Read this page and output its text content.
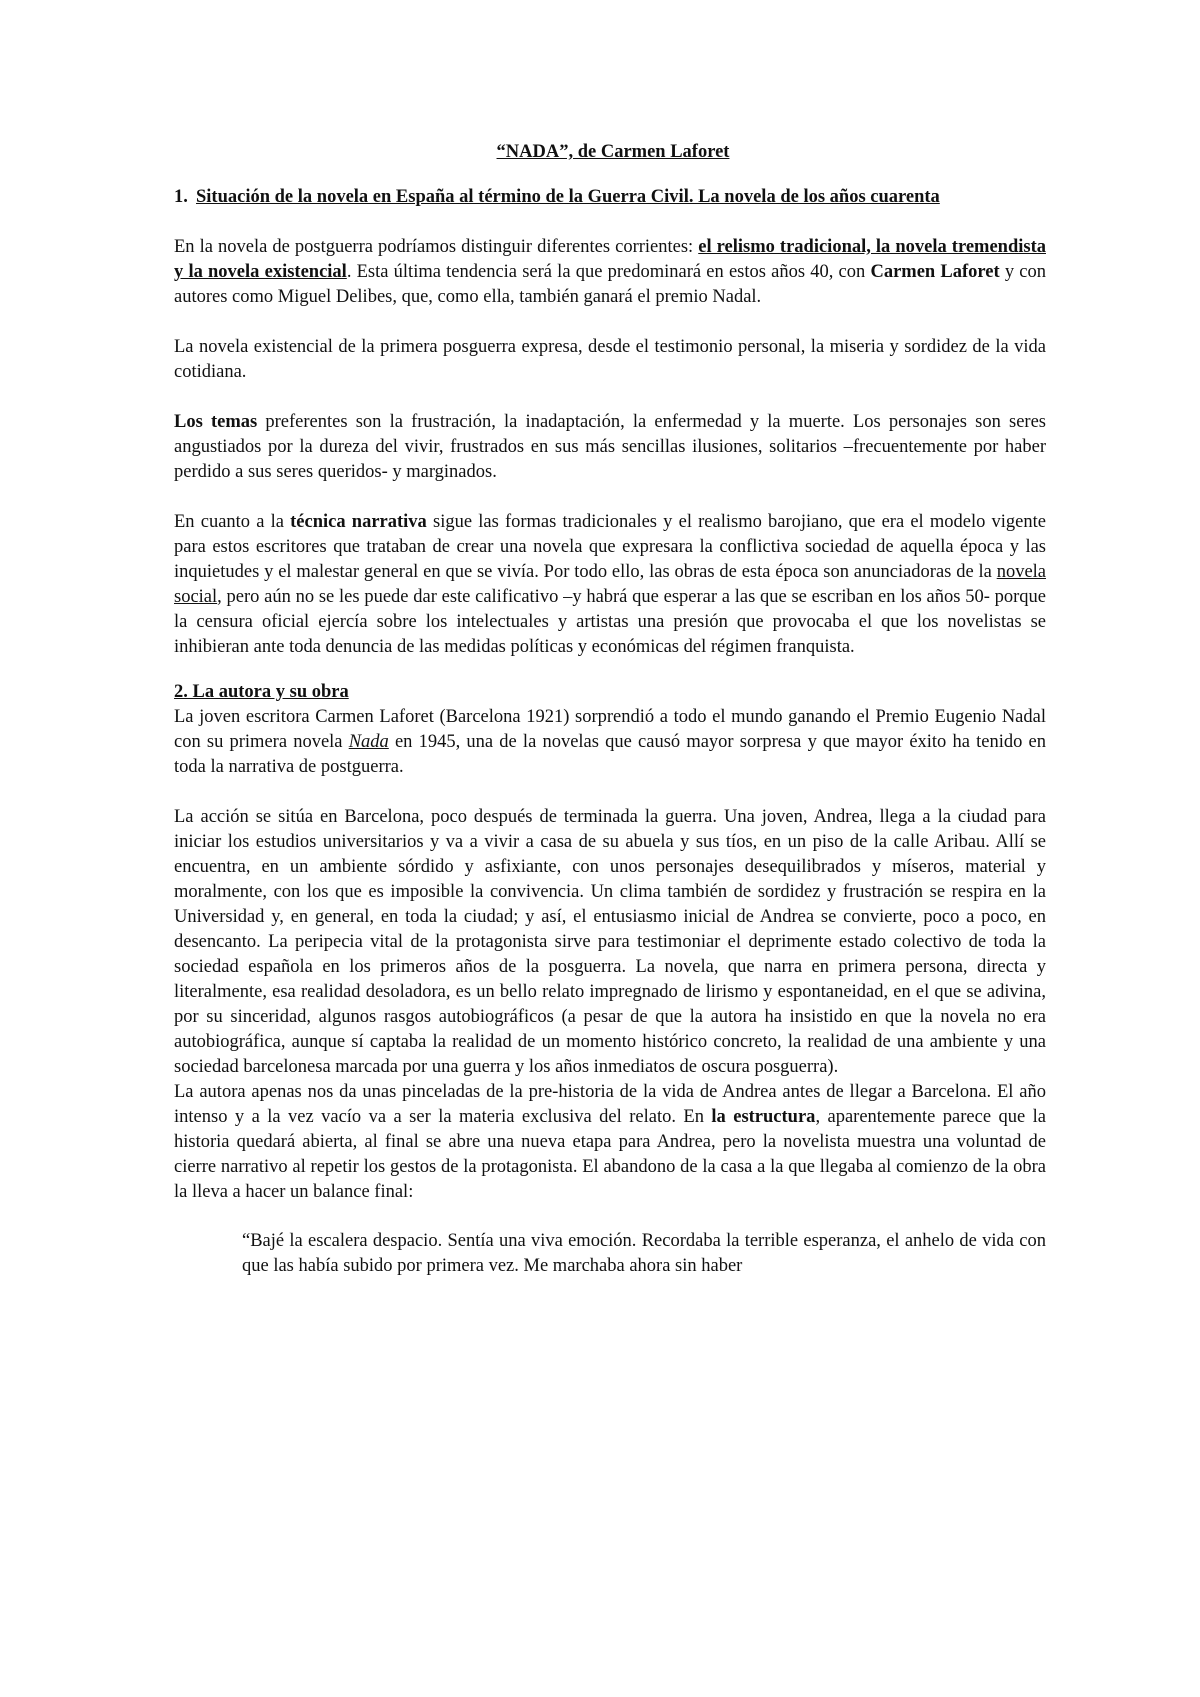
“NADA”, de Carmen Laforet

1. Situación de la novela en España al término de la Guerra Civil. La novela de los años cuarenta

En la novela de postguerra podríamos distinguir diferentes corrientes: el relismo tradicional, la novela tremendista y la novela existencial. Esta última tendencia será la que predominará en estos años 40, con Carmen Laforet y con autores como Miguel Delibes, que, como ella, también ganará el premio Nadal.

La novela existencial de la primera posguerra expresa, desde el testimonio personal, la miseria y sordidez de la vida cotidiana.

Los temas preferentes son la frustración, la inadaptación, la enfermedad y la muerte. Los personajes son seres angustiados por la dureza del vivir, frustrados en sus más sencillas ilusiones, solitarios –frecuentemente por haber perdido a sus seres queridos- y marginados.

En cuanto a la técnica narrativa sigue las formas tradicionales y el realismo barojiano, que era el modelo vigente para estos escritores que trataban de crear una novela que expresara la conflictiva sociedad de aquella época y las inquietudes y el malestar general en que se vivía. Por todo ello, las obras de esta época son anunciadoras de la novela social, pero aún no se les puede dar este calificativo –y habrá que esperar a las que se escriban en los años 50- porque la censura oficial ejercía sobre los intelectuales y artistas una presión que provocaba el que los novelistas se inhibieran ante toda denuncia de las medidas políticas y económicas del régimen franquista.

2. La autora y su obra

La joven escritora Carmen Laforet (Barcelona 1921) sorprendió a todo el mundo ganando el Premio Eugenio Nadal con su primera novela Nada en 1945, una de la novelas que causó mayor sorpresa y que mayor éxito ha tenido en toda la narrativa de postguerra.

La acción se sitúa en Barcelona, poco después de terminada la guerra. Una joven, Andrea, llega a la ciudad para iniciar los estudios universitarios y va a vivir a casa de su abuela y sus tíos, en un piso de la calle Aribau. Allí se encuentra, en un ambiente sórdido y asfixiante, con unos personajes desequilibrados y míseros, material y moralmente, con los que es imposible la convivencia. Un clima también de sordidez y frustración se respira en la Universidad y, en general, en toda la ciudad; y así, el entusiasmo inicial de Andrea se convierte, poco a poco, en desencanto. La peripecia vital de la protagonista sirve para testimoniar el deprimente estado colectivo de toda la sociedad española en los primeros años de la posguerra. La novela, que narra en primera persona, directa y literalmente, esa realidad desoladora, es un bello relato impregnado de lirismo y espontaneidad, en el que se adivina, por su sinceridad, algunos rasgos autobiográficos (a pesar de que la autora ha insistido en que la novela no era autobiográfica, aunque sí captaba la realidad de un momento histórico concreto, la realidad de una ambiente y una sociedad barcelonesa marcada por una guerra y los años inmediatos de oscura posguerra).

La autora apenas nos da unas pinceladas de la pre-historia de la vida de Andrea antes de llegar a Barcelona. El año intenso y a la vez vacío va a ser la materia exclusiva del relato. En la estructura, aparentemente parece que la historia quedará abierta, al final se abre una nueva etapa para Andrea, pero la novelista muestra una voluntad de cierre narrativo al repetir los gestos de la protagonista. El abandono de la casa a la que llegaba al comienzo de la obra la lleva a hacer un balance final:

“Bajé la escalera despacio. Sentía una viva emoción. Recordaba la terrible esperanza, el anhelo de vida con que las había subido por primera vez. Me marchaba ahora sin haber
